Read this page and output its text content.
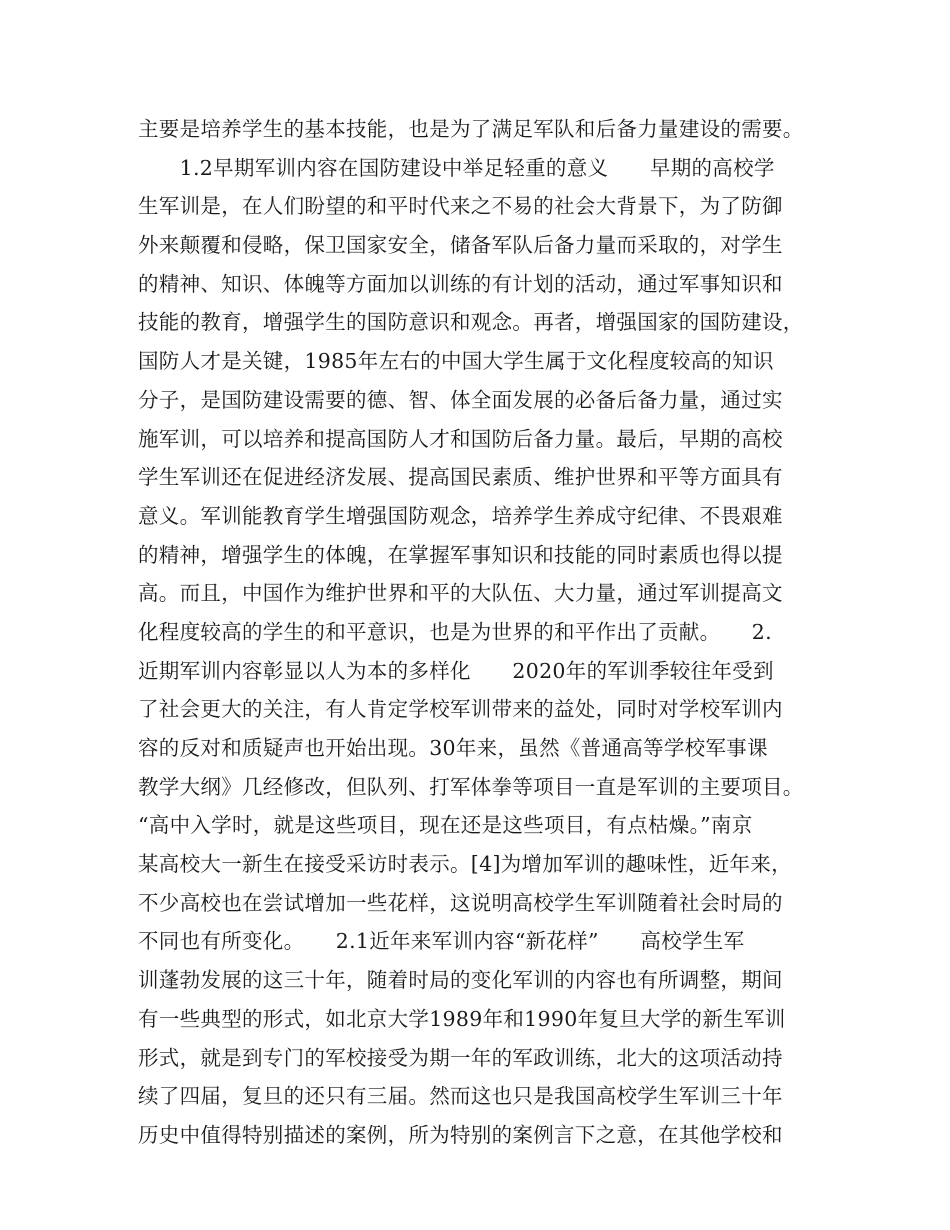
主要是培养学生的基本技能，也是为了满足军队和后备力量建设的需要。
　　1.2早期军训内容在国防建设中举足轻重的意义　　早期的高校学
生军训是，在人们盼望的和平时代来之不易的社会大背景下，为了防御
外来颠覆和侵略，保卫国家安全，储备军队后备力量而采取的，对学生
的精神、知识、体魄等方面加以训练的有计划的活动，通过军事知识和
技能的教育，增强学生的国防意识和观念。再者，增强国家的国防建设，
国防人才是关键，1985年左右的中国大学生属于文化程度较高的知识
分子，是国防建设需要的德、智、体全面发展的必备后备力量，通过实
施军训，可以培养和提高国防人才和国防后备力量。最后，早期的高校
学生军训还在促进经济发展、提高国民素质、维护世界和平等方面具有
意义。军训能教育学生增强国防观念，培养学生养成守纪律、不畏艰难
的精神，增强学生的体魄，在掌握军事知识和技能的同时素质也得以提
高。而且，中国作为维护世界和平的大队伍、大力量，通过军训提高文
化程度较高的学生的和平意识，也是为世界的和平作出了贡献。　　2.
近期军训内容彰显以人为本的多样化　　2020年的军训季较往年受到
了社会更大的关注，有人肯定学校军训带来的益处，同时对学校军训内
容的反对和质疑声也开始出现。30年来，虽然《普通高等学校军事课
教学大纲》几经修改，但队列、打军体拳等项目一直是军训的主要项目。
“高中入学时，就是这些项目，现在还是这些项目，有点枯燥。”南京
某高校大一新生在接受采访时表示。[4]为增加军训的趣味性，近年来，
不少高校也在尝试增加一些花样，这说明高校学生军训随着社会时局的
不同也有所变化。　　2.1近年来军训内容“新花样”　　高校学生军
训蓬勃发展的这三十年，随着时局的变化军训的内容也有所调整，期间
有一些典型的形式，如北京大学1989年和1990年复旦大学的新生军训
形式，就是到专门的军校接受为期一年的军政训练，北大的这项活动持
续了四届，复旦的还只有三届。然而这也只是我国高校学生军训三十年
历史中值得特别描述的案例，所为特别的案例言下之意，在其他学校和
